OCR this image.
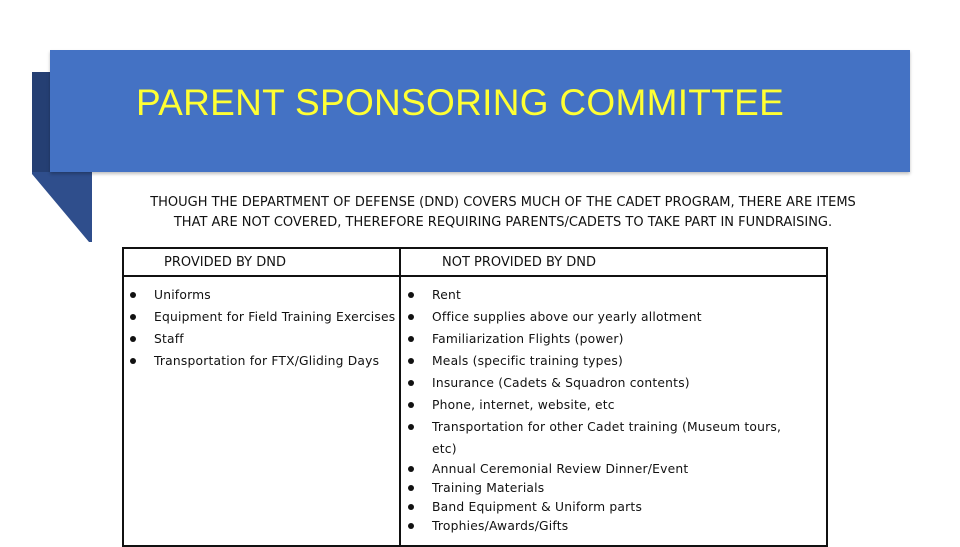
PARENT SPONSORING COMMITTEE
THOUGH THE DEPARTMENT OF DEFENSE (DND) COVERS MUCH OF THE CADET PROGRAM, THERE ARE ITEMS
THAT ARE NOT COVERED, THEREFORE REQUIRING PARENTS/CADETS TO TAKE PART IN FUNDRAISING.
PROVIDED BY DND
Uniforms
Equipment for Field Training Exercises
Staff
Transportation for FTX/Gliding Days
NOT PROVIDED BY DND
Rent
Office supplies above our yearly allotment
Familiarization Flights (power)
Meals (specific training types)
Insurance (Cadets & Squadron contents)
Phone, internet, website, etc
Transportation for other Cadet training (Museum tours, etc)
Annual Ceremonial Review Dinner/Event
Training Materials
Band Equipment & Uniform parts
Trophies/Awards/Gifts
